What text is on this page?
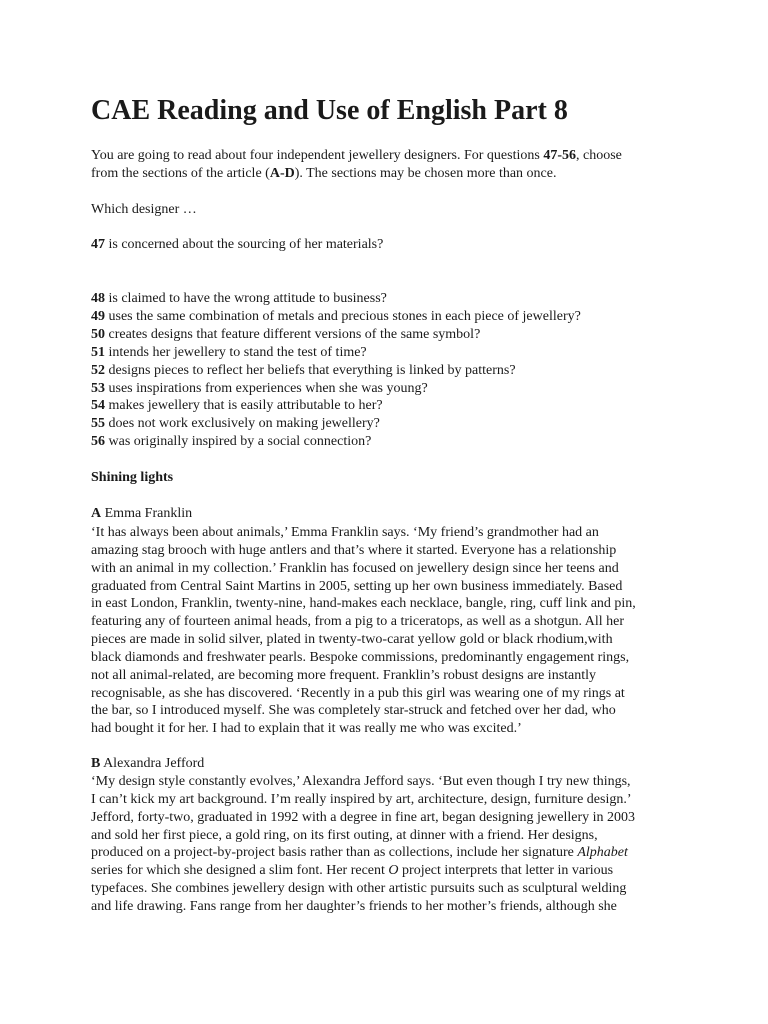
CAE Reading and Use of English Part 8
You are going to read about four independent jewellery designers. For questions 47-56, choose
from the sections of the article (A-D). The sections may be chosen more than once.
Which designer …
47 is concerned about the sourcing of her materials?
48 is claimed to have the wrong attitude to business?
49 uses the same combination of metals and precious stones in each piece of jewellery?
50 creates designs that feature different versions of the same symbol?
51 intends her jewellery to stand the test of time?
52 designs pieces to reflect her beliefs that everything is linked by patterns?
53 uses inspirations from experiences when she was young?
54 makes jewellery that is easily attributable to her?
55 does not work exclusively on making jewellery?
56 was originally inspired by a social connection?
Shining lights
A Emma Franklin
‘It has always been about animals,’ Emma Franklin says. ‘My friend’s grandmother had an
amazing stag brooch with huge antlers and that’s where it started. Everyone has a relationship
with an animal in my collection.’ Franklin has focused on jewellery design since her teens and
graduated from Central Saint Martins in 2005, setting up her own business immediately. Based
in east London, Franklin, twenty-nine, hand-makes each necklace, bangle, ring, cuff link and pin,
featuring any of fourteen animal heads, from a pig to a triceratops, as well as a shotgun. All her
pieces are made in solid silver, plated in twenty-two-carat yellow gold or black rhodium,with
black diamonds and freshwater pearls. Bespoke commissions, predominantly engagement rings,
not all animal-related, are becoming more frequent. Franklin’s robust designs are instantly
recognisable, as she has discovered. ‘Recently in a pub this girl was wearing one of my rings at
the bar, so I introduced myself. She was completely star-struck and fetched over her dad, who
had bought it for her. I had to explain that it was really me who was excited.’
B Alexandra Jefford
‘My design style constantly evolves,’ Alexandra Jefford says. ‘But even though I try new things,
I can’t kick my art background. I’m really inspired by art, architecture, design, furniture design.’
Jefford, forty-two, graduated in 1992 with a degree in fine art, began designing jewellery in 2003
and sold her first piece, a gold ring, on its first outing, at dinner with a friend. Her designs,
produced on a project-by-project basis rather than as collections, include her signature Alphabet
series for which she designed a slim font. Her recent O project interprets that letter in various
typefaces. She combines jewellery design with other artistic pursuits such as sculptural welding
and life drawing. Fans range from her daughter’s friends to her mother’s friends, although she
